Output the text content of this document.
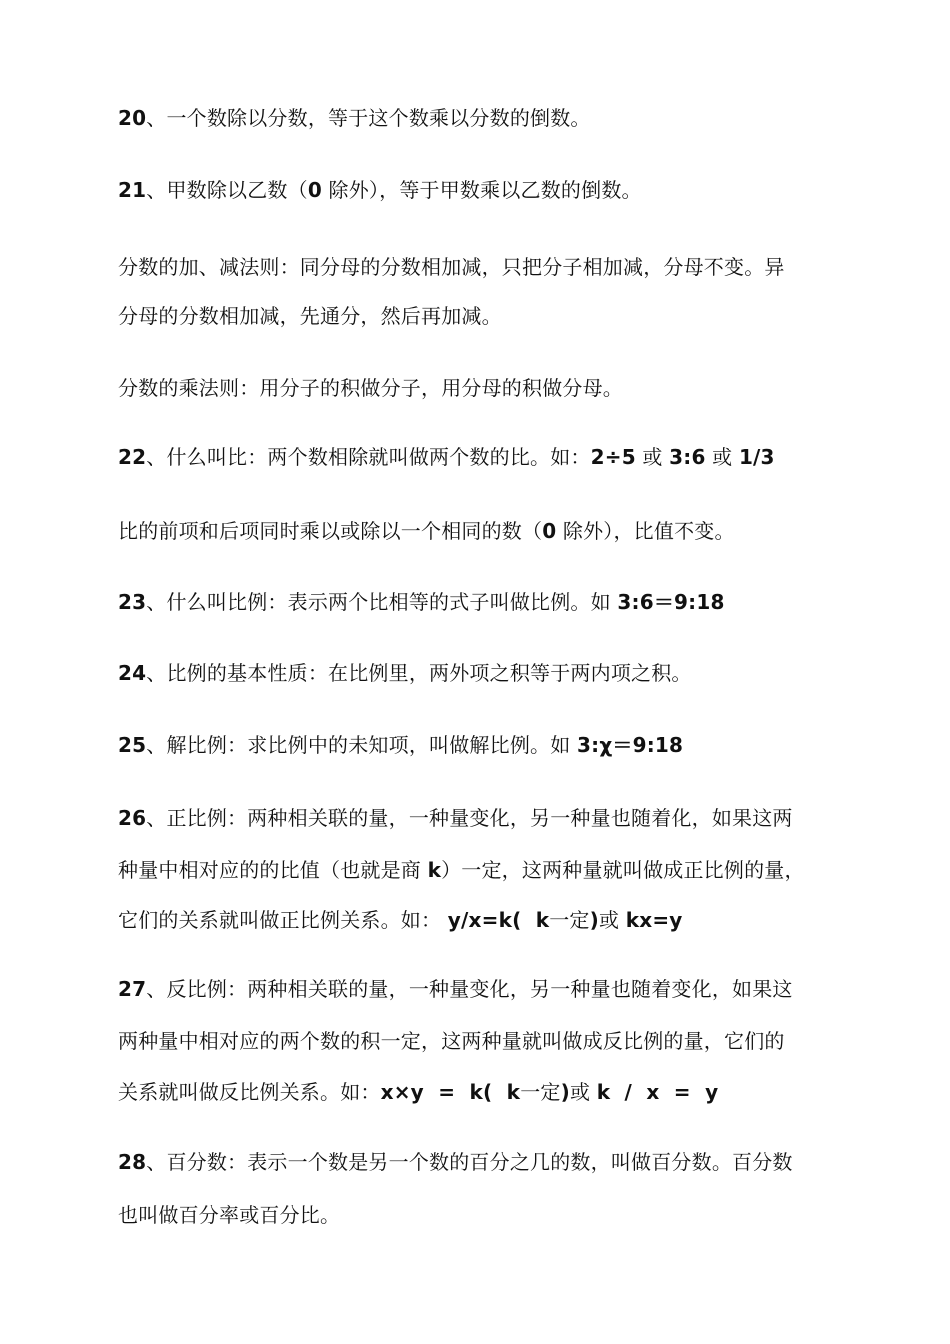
20、一个数除以分数，等于这个数乘以分数的倒数。
21、甲数除以乙数（0 除外），等于甲数乘以乙数的倒数。
分数的加、减法则：同分母的分数相加减，只把分子相加减，分母不变。异
分母的分数相加减，先通分，然后再加减。
分数的乘法则：用分子的积做分子，用分母的积做分母。
22、什么叫比：两个数相除就叫做两个数的比。如：2÷5 或 3:6 或 1/3
比的前项和后项同时乘以或除以一个相同的数（0 除外），比值不变。
23、什么叫比例：表示两个比相等的式子叫做比例。如 3:6＝9:18
24、比例的基本性质：在比例里，两外项之积等于两内项之积。
25、解比例：求比例中的未知项，叫做解比例。如 3:χ＝9:18
26、正比例：两种相关联的量，一种量变化，另一种量也随着化，如果这两
种量中相对应的的比值（也就是商 k）一定，这两种量就叫做成正比例的量，
它们的关系就叫做正比例关系。如： y/x=k(  k一定)或 kx=y
27、反比例：两种相关联的量，一种量变化，另一种量也随着变化，如果这
两种量中相对应的两个数的积一定，这两种量就叫做成反比例的量，它们的
关系就叫做反比例关系。如：x×y  =  k(  k一定)或 k  /  x  =  y
28、百分数：表示一个数是另一个数的百分之几的数，叫做百分数。百分数
也叫做百分率或百分比。
